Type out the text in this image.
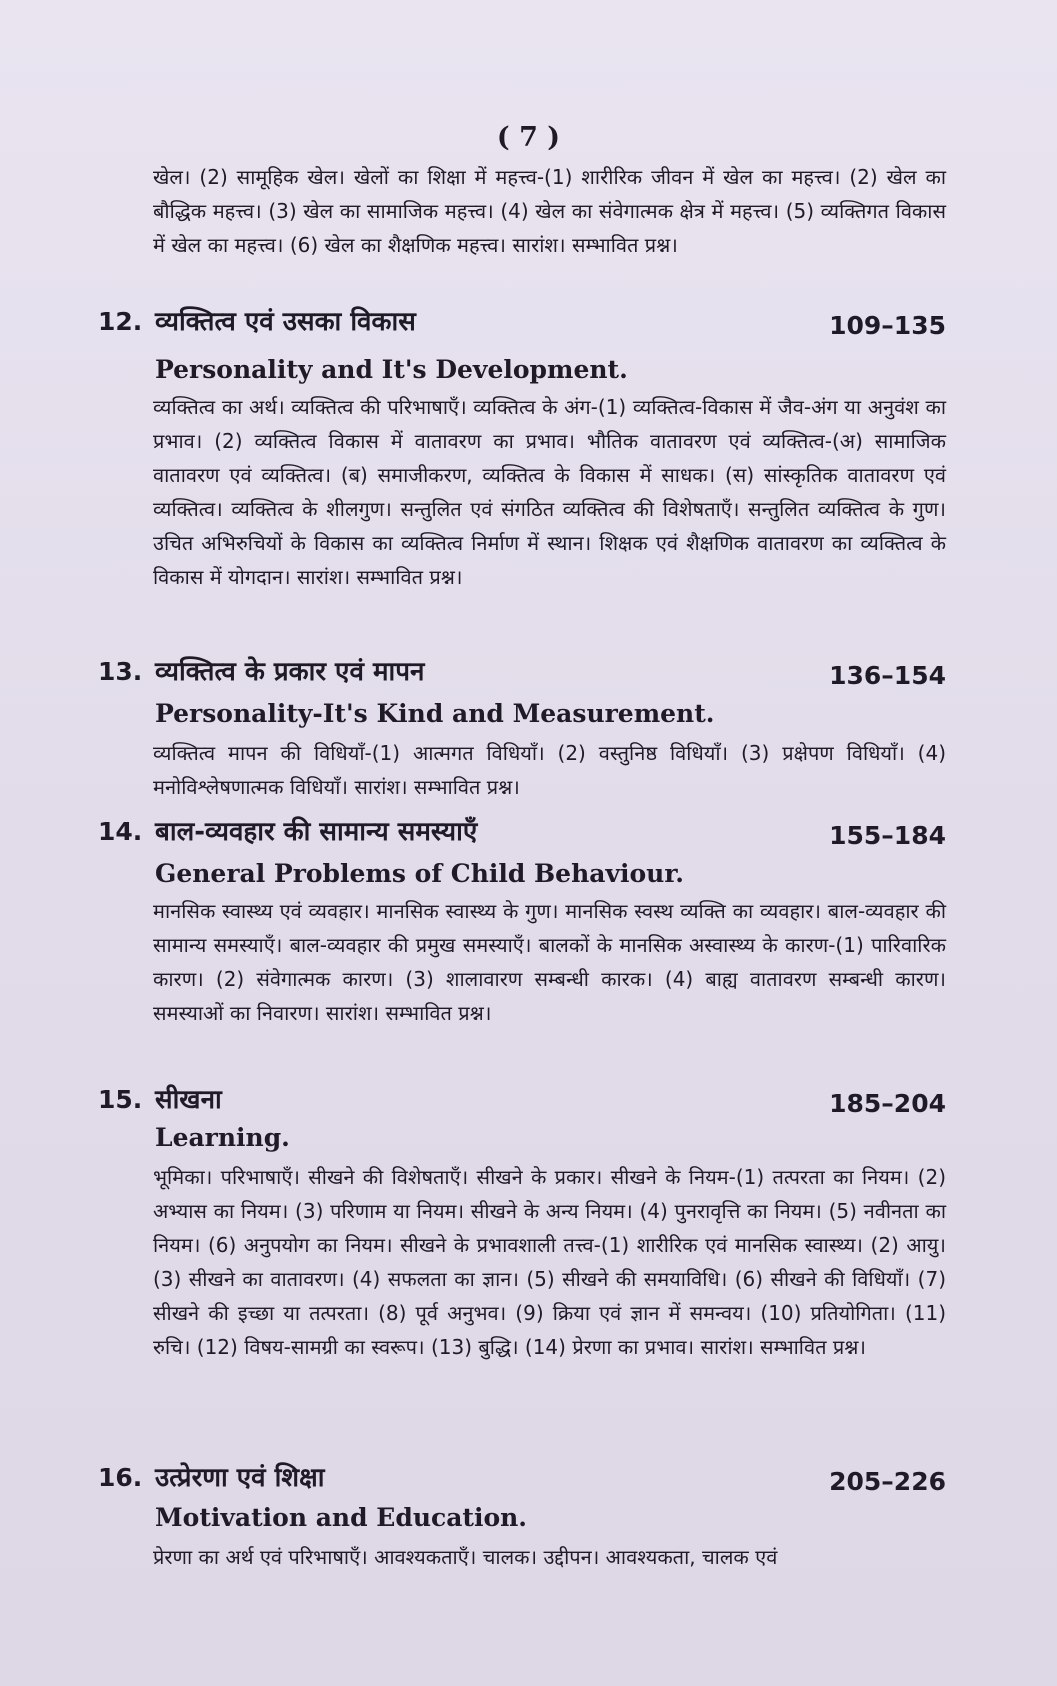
( 7 )
खेल। (2) सामूहिक खेल। खेलों का शिक्षा में महत्त्व-(1) शारीरिक जीवन में खेल का महत्त्व। (2) खेल का बौद्धिक महत्त्व। (3) खेल का सामाजिक महत्त्व। (4) खेल का संवेगात्मक क्षेत्र में महत्त्व। (5) व्यक्तिगत विकास में खेल का महत्त्व। (6) खेल का शैक्षणिक महत्त्व। सारांश। सम्भावित प्रश्न।
12. व्यक्तित्व एवं उसका विकास	109–135
Personality and It's Development.
व्यक्तित्व का अर्थ। व्यक्तित्व की परिभाषाएँ। व्यक्तित्व के अंग-(1) व्यक्तित्व-विकास में जैव-अंग या अनुवंश का प्रभाव। (2) व्यक्तित्व विकास में वातावरण का प्रभाव। भौतिक वातावरण एवं व्यक्तित्व-(अ) सामाजिक वातावरण एवं व्यक्तित्व। (ब) समाजीकरण, व्यक्तित्व के विकास में साधक। (स) सांस्कृतिक वातावरण एवं व्यक्तित्व। व्यक्तित्व के शीलगुण। सन्तुलित एवं संगठित व्यक्तित्व की विशेषताएँ। सन्तुलित व्यक्तित्व के गुण। उचित अभिरुचियों के विकास का व्यक्तित्व निर्माण में स्थान। शिक्षक एवं शैक्षणिक वातावरण का व्यक्तित्व के विकास में योगदान। सारांश। सम्भावित प्रश्न।
13. व्यक्तित्व के प्रकार एवं मापन	136–154
Personality-It's Kind and Measurement.
व्यक्तित्व मापन की विधियाँ-(1) आत्मगत विधियाँ। (2) वस्तुनिष्ठ विधियाँ। (3) प्रक्षेपण विधियाँ। (4) मनोविश्लेषणात्मक विधियाँ। सारांश। सम्भावित प्रश्न।
14. बाल-व्यवहार की सामान्य समस्याएँ	155–184
General Problems of Child Behaviour.
मानसिक स्वास्थ्य एवं व्यवहार। मानसिक स्वास्थ्य के गुण। मानसिक स्वस्थ व्यक्ति का व्यवहार। बाल-व्यवहार की सामान्य समस्याएँ। बाल-व्यवहार की प्रमुख समस्याएँ। बालकों के मानसिक अस्वास्थ्य के कारण-(1) पारिवारिक कारण। (2) संवेगात्मक कारण। (3) शालावारण सम्बन्धी कारक। (4) बाह्य वातावरण सम्बन्धी कारण। समस्याओं का निवारण। सारांश। सम्भावित प्रश्न।
15. सीखना	185–204
Learning.
भूमिका। परिभाषाएँ। सीखने की विशेषताएँ। सीखने के प्रकार। सीखने के नियम-(1) तत्परता का नियम। (2) अभ्यास का नियम। (3) परिणाम या नियम। सीखने के अन्य नियम। (4) पुनरावृत्ति का नियम। (5) नवीनता का नियम। (6) अनुपयोग का नियम। सीखने के प्रभावशाली तत्त्व-(1) शारीरिक एवं मानसिक स्वास्थ्य। (2) आयु। (3) सीखने का वातावरण। (4) सफलता का ज्ञान। (5) सीखने की समयाविधि। (6) सीखने की विधियाँ। (7) सीखने की इच्छा या तत्परता। (8) पूर्व अनुभव। (9) क्रिया एवं ज्ञान में समन्वय। (10) प्रतियोगिता। (11) रुचि। (12) विषय-सामग्री का स्वरूप। (13) बुद्धि। (14) प्रेरणा का प्रभाव। सारांश। सम्भावित प्रश्न।
16. उत्प्रेरणा एवं शिक्षा	205–226
Motivation and Education.
प्रेरणा का अर्थ एवं परिभाषाएँ। आवश्यकताएँ। चालक। उद्दीपन। आवश्यकता, चालक एवं
